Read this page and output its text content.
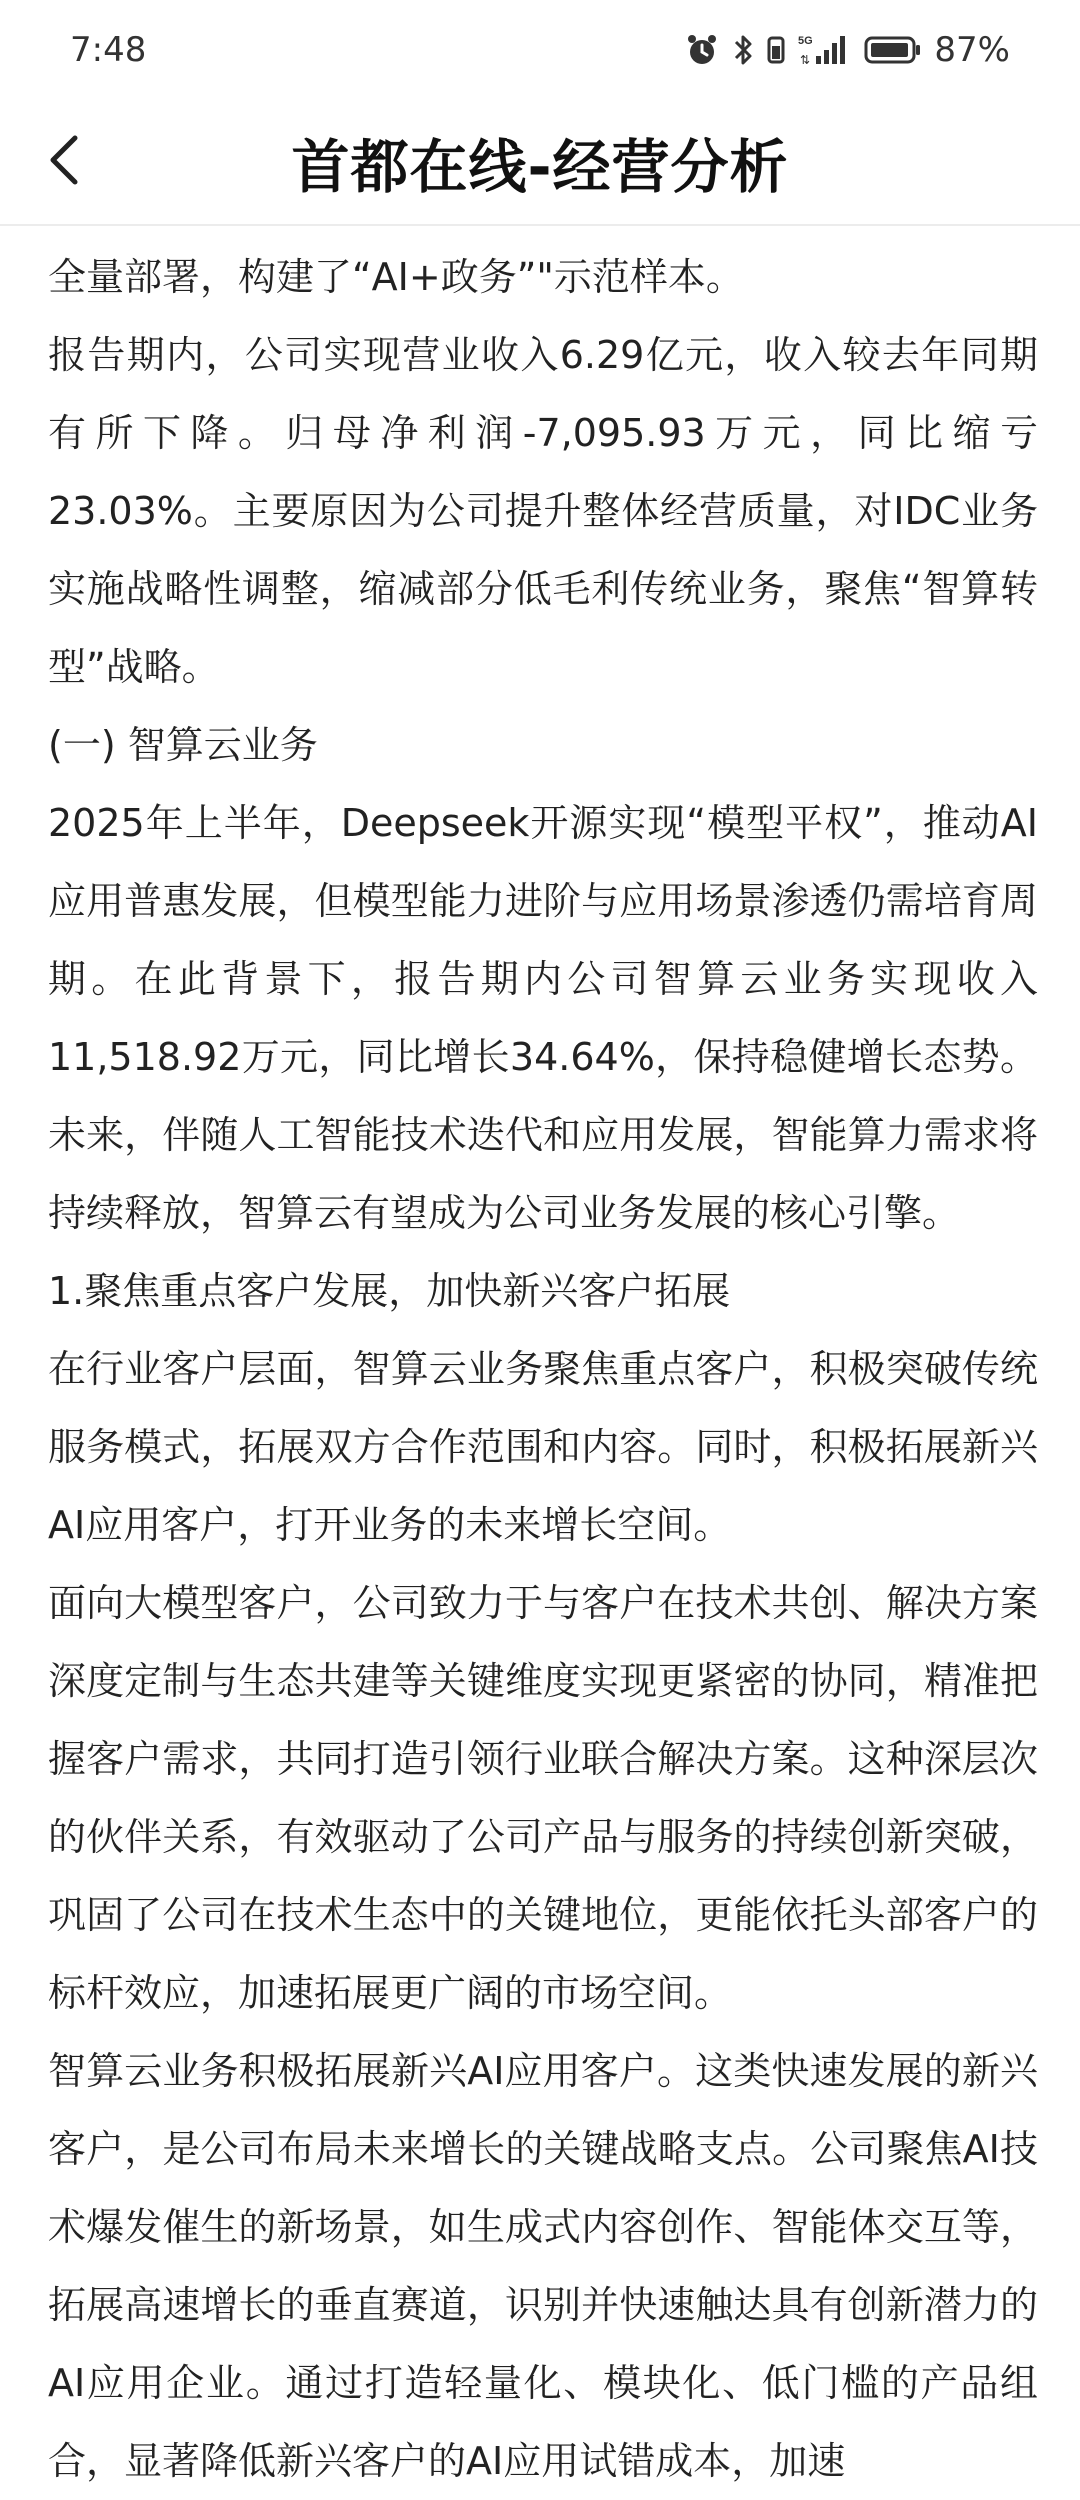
7:48	5G
⇅	87%
首都在线-经营分析

全量部署，构建了“AI+政务”"示范样本。

报告期内，公司实现营业收入6.29亿元，收入较去年同期有所下降。归母净利润-7,095.93万元，同比缩亏23.03%。主要原因为公司提升整体经营质量，对IDC业务实施战略性调整，缩减部分低毛利传统业务，聚焦“智算转型”战略。

(一) 智算云业务

2025年上半年，Deepseek开源实现“模型平权”，推动AI应用普惠发展，但模型能力进阶与应用场景渗透仍需培育周期。在此背景下，报告期内公司智算云业务实现收入11,518.92万元，同比增长34.64%，保持稳健增长态势。未来，伴随人工智能技术迭代和应用发展，智能算力需求将持续释放，智算云有望成为公司业务发展的核心引擎。

1.聚焦重点客户发展，加快新兴客户拓展

在行业客户层面，智算云业务聚焦重点客户，积极突破传统服务模式，拓展双方合作范围和内容。同时，积极拓展新兴AI应用客户，打开业务的未来增长空间。

面向大模型客户，公司致力于与客户在技术共创、解决方案深度定制与生态共建等关键维度实现更紧密的协同，精准把握客户需求，共同打造引领行业联合解决方案。这种深层次的伙伴关系，有效驱动了公司产品与服务的持续创新突破，巩固了公司在技术生态中的关键地位，更能依托头部客户的标杆效应，加速拓展更广阔的市场空间。

智算云业务积极拓展新兴AI应用客户。这类快速发展的新兴客户，是公司布局未来增长的关键战略支点。公司聚焦AI技术爆发催生的新场景，如生成式内容创作、智能体交互等，拓展高速增长的垂直赛道，识别并快速触达具有创新潜力的AI应用企业。通过打造轻量化、模块化、低门槛的产品组合，显著降低新兴客户的AI应用试错成本，加速
